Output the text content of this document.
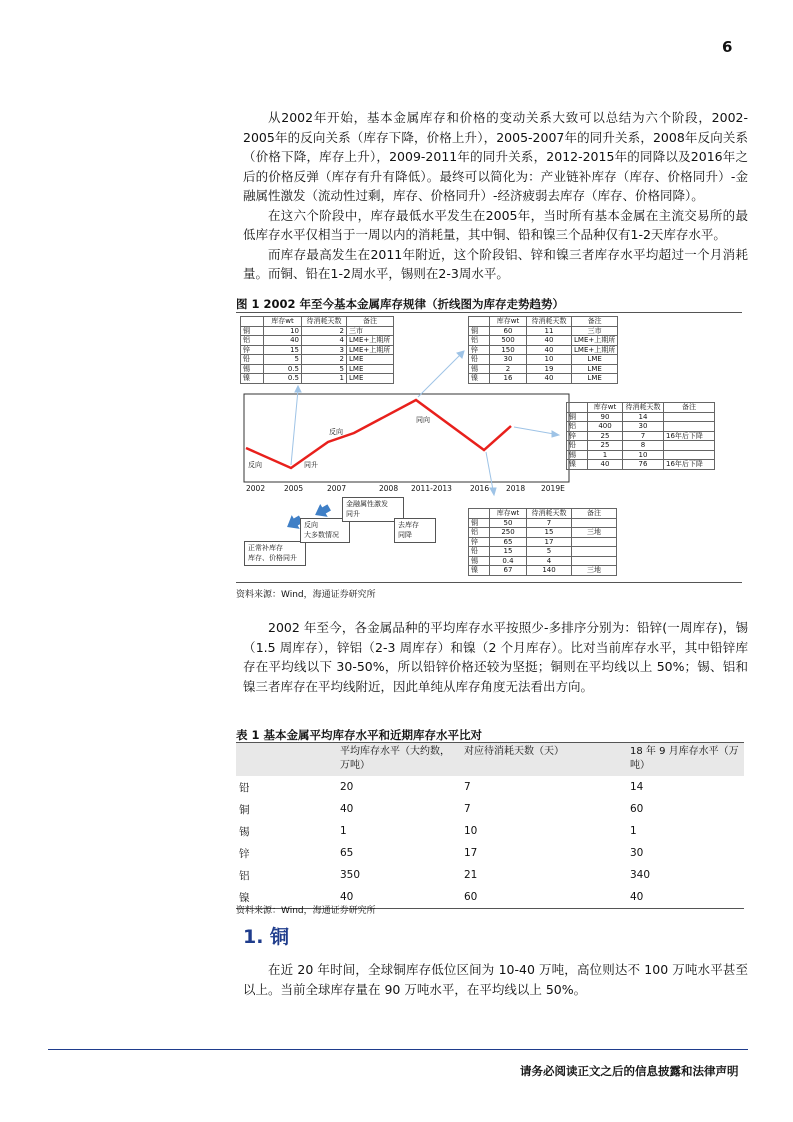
6

从2002年开始，基本金属库存和价格的变动关系大致可以总结为六个阶段，2002-2005年的反向关系（库存下降，价格上升），2005-2007年的同升关系，2008年反向关系（价格下降，库存上升），2009-2011年的同升关系，2012-2015年的同降以及2016年之后的价格反弹（库存有升有降低）。最终可以简化为：产业链补库存（库存、价格同升）-金融属性激发（流动性过剩，库存、价格同升）-经济疲弱去库存（库存、价格同降）。

在这六个阶段中，库存最低水平发生在2005年，当时所有基本金属在主流交易所的最低库存水平仅相当于一周以内的消耗量，其中铜、铅和镍三个品种仅有1-2天库存水平。

而库存最高发生在2011年附近，这个阶段铝、锌和镍三者库存水平均超过一个月消耗量。而铜、铅在1-2周水平，锡则在2-3周水平。

图 1 2002 年至今基本金属库存规律（折线图为库存走势趋势）
	库存wt	待消耗天数	备注
铜	10	2	三市
铝	40	4	LME+上期所
锌	15	3	LME+上期所
铅	5	2	LME
锡	0.5	5	LME
镍	0.5	1	LME
	库存wt	待消耗天数	备注
铜	60	11	三市
铝	500	40	LME+上期所
锌	150	40	LME+上期所
铅	30	10	LME
锡	2	19	LME
镍	16	40	LME
	库存wt	待消耗天数	备注
铜	90	14	
铝	400	30	
锌	25	7	16年后下降
铅	25	8	
锡	1	10	
镍	40	76	16年后下降
	库存wt	待消耗天数	备注
铜	50	7	
铝	250	15	三地
锌	65	17	
铅	15	5	
锡	0.4	4	
镍	67	140	三地
反向	同升
反向
同向
2002	2005	2007	2008 2011-2013 2016 2018 2019E
正常补库存
库存、价格同升
反向
大多数情况
金融属性激发
同升
去库存
同降
资料来源：Wind，海通证券研究所

2002 年至今，各金属品种的平均库存水平按照少-多排序分别为：铅锌(一周库存)，锡（1.5 周库存），锌铝（2-3 周库存）和镍（2 个月库存）。比对当前库存水平，其中铅锌库存在平均线以下 30-50%，所以铅锌价格还较为坚挺；铜则在平均线以上 50%；锡、铝和镍三者库存在平均线附近，因此单纯从库存角度无法看出方向。

表 1 基本金属平均库存水平和近期库存水平比对
	平均库存水平（大约数，万吨）	对应待消耗天数（天）	18 年 9 月库存水平（万吨）
铅	20	7	14
铜	40	7	60
锡	1	10	1
锌	65	17	30
铝	350	21	340
镍	40	60	40
资料来源：Wind，海通证券研究所
1. 铜

在近 20 年时间，全球铜库存低位区间为 10-40 万吨，高位则达不 100 万吨水平甚至以上。当前全球库存量在 90 万吨水平，在平均线以上 50%。

请务必阅读正文之后的信息披露和法律声明
